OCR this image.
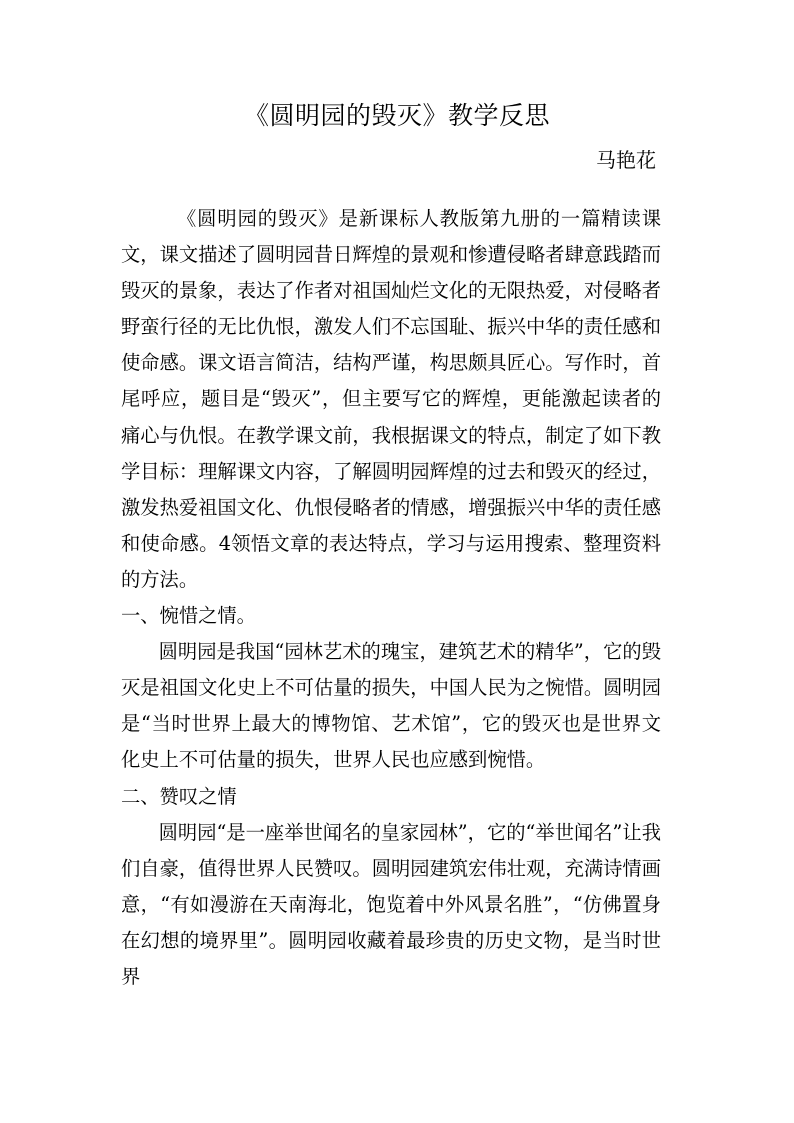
《圆明园的毁灭》教学反思
马艳花

《圆明园的毁灭》是新课标人教版第九册的一篇精读课文，课文描述了圆明园昔日辉煌的景观和惨遭侵略者肆意践踏而毁灭的景象，表达了作者对祖国灿烂文化的无限热爱，对侵略者野蛮行径的无比仇恨，激发人们不忘国耻、振兴中华的责任感和使命感。课文语言简洁，结构严谨，构思颇具匠心。写作时，首尾呼应，题目是“毁灭”，但主要写它的辉煌，更能激起读者的痛心与仇恨。在教学课文前，我根据课文的特点，制定了如下教学目标：理解课文内容，了解圆明园辉煌的过去和毁灭的经过，激发热爱祖国文化、仇恨侵略者的情感，增强振兴中华的责任感和使命感。4领悟文章的表达特点，学习与运用搜索、整理资料的方法。

一、惋惜之情。

圆明园是我国“园林艺术的瑰宝，建筑艺术的精华”，它的毁灭是祖国文化史上不可估量的损失，中国人民为之惋惜。圆明园是“当时世界上最大的博物馆、艺术馆”，它的毁灭也是世界文化史上不可估量的损失，世界人民也应感到惋惜。

二、赞叹之情

圆明园“是一座举世闻名的皇家园林”，它的“举世闻名”让我们自豪，值得世界人民赞叹。圆明园建筑宏伟壮观，充满诗情画意，“有如漫游在天南海北，饱览着中外风景名胜”，“仿佛置身在幻想的境界里”。圆明园收藏着最珍贵的历史文物，是当时世界
